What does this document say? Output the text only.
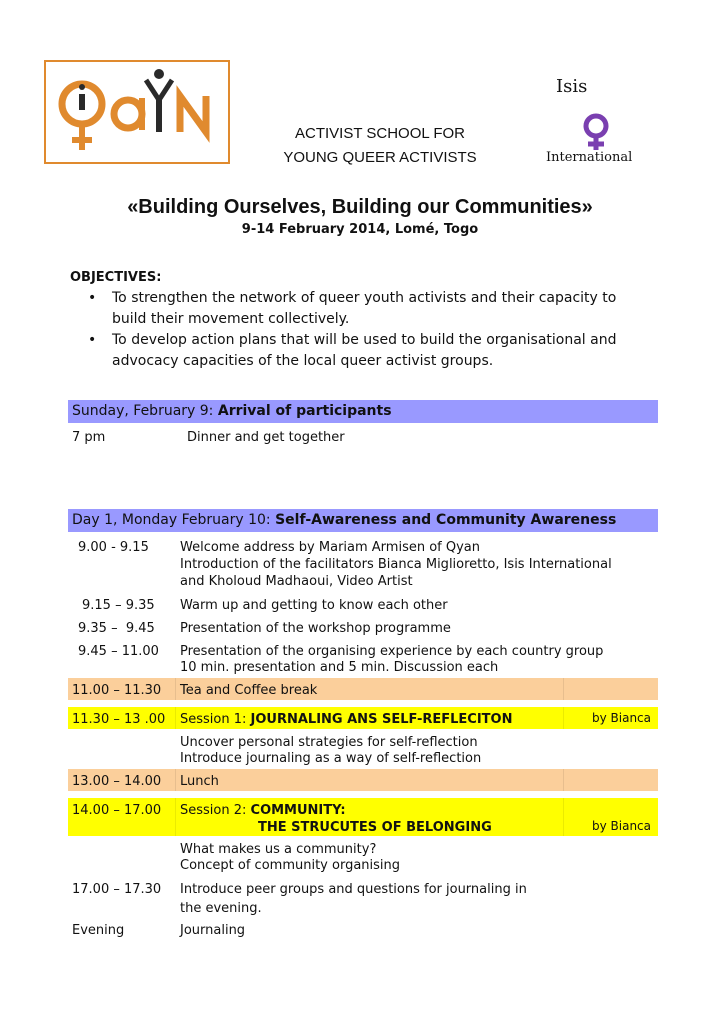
Isis
International
ACTIVIST SCHOOL FOR
YOUNG QUEER ACTIVISTS
«Building Ourselves, Building our Communities»
9-14 February 2014, Lomé, Togo
OBJECTIVES:
• To strengthen the network of queer youth activists and their capacity to
build their movement collectively.
• To develop action plans that will be used to build the organisational and
advocacy capacities of the local queer activist groups.
Sunday, February 9: Arrival of participants
7 pm	Dinner and get together
Day 1, Monday February 10: Self-Awareness and Community Awareness
9.00 - 9.15 Welcome address by Mariam Armisen of Qyan
Introduction of the facilitators Bianca Miglioretto, Isis International
and Kholoud Madhaoui, Video Artist
9.15 – 9.35 Warm up and getting to know each other
9.35 –  9.45 Presentation of the workshop programme
9.45 – 11.00 Presentation of the organising experience by each country group
10 min. presentation and 5 min. Discussion each
11.00 – 11.30 Tea and Coffee break
11.30 – 13 .00 Session 1: JOURNALING ANS SELF-REFLECITON	by Bianca
Uncover personal strategies for self-reflection
Introduce journaling as a way of self-reflection
13.00 – 14.00 Lunch
14.00 – 17.00 Session 2: COMMUNITY:
THE STRUCUTES OF BELONGING	by Bianca
What makes us a community?
Concept of community organising
17.00 – 17.30 Introduce peer groups and questions for journaling in
the evening.
Evening	Journaling
